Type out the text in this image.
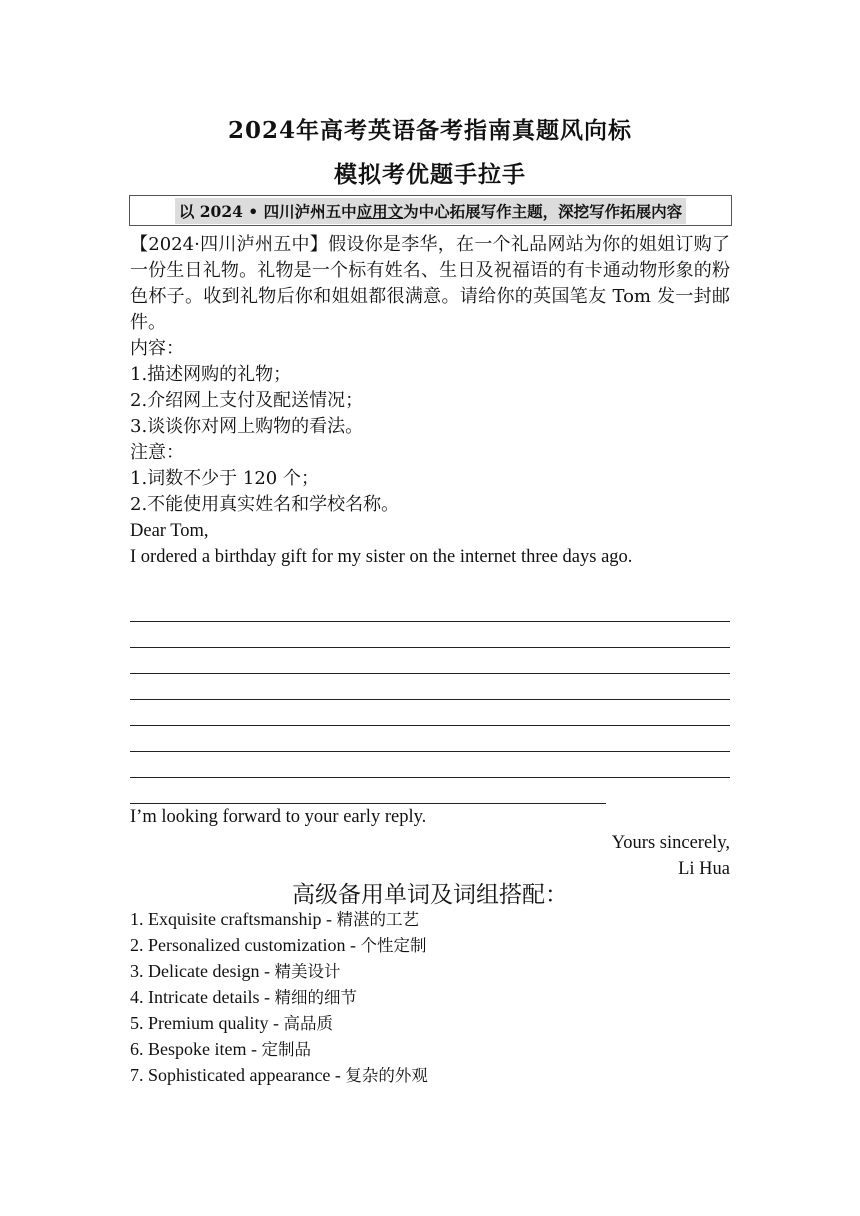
2024年高考英语备考指南真题风向标
模拟考优题手拉手
以 2024 • 四川泸州五中应用文为中心拓展写作主题，深挖写作拓展内容
【2024·四川泸州五中】假设你是李华，在一个礼品网站为你的姐姐订购了一份生日礼物。礼物是一个标有姓名、生日及祝福语的有卡通动物形象的粉色杯子。收到礼物后你和姐姐都很满意。请给你的英国笔友 Tom 发一封邮件。
内容：
1.描述网购的礼物；
2.介绍网上支付及配送情况；
3.谈谈你对网上购物的看法。
注意：
1.词数不少于 120 个；
2.不能使用真实姓名和学校名称。
Dear Tom,
I ordered a birthday gift for my sister on the internet three days ago.
I’m looking forward to your early reply.
Yours sincerely,
Li Hua
高级备用单词及词组搭配：
1. Exquisite craftsmanship - 精湛的工艺
2. Personalized customization - 个性定制
3. Delicate design - 精美设计
4. Intricate details - 精细的细节
5. Premium quality - 高品质
6. Bespoke item - 定制品
7. Sophisticated appearance - 复杂的外观
